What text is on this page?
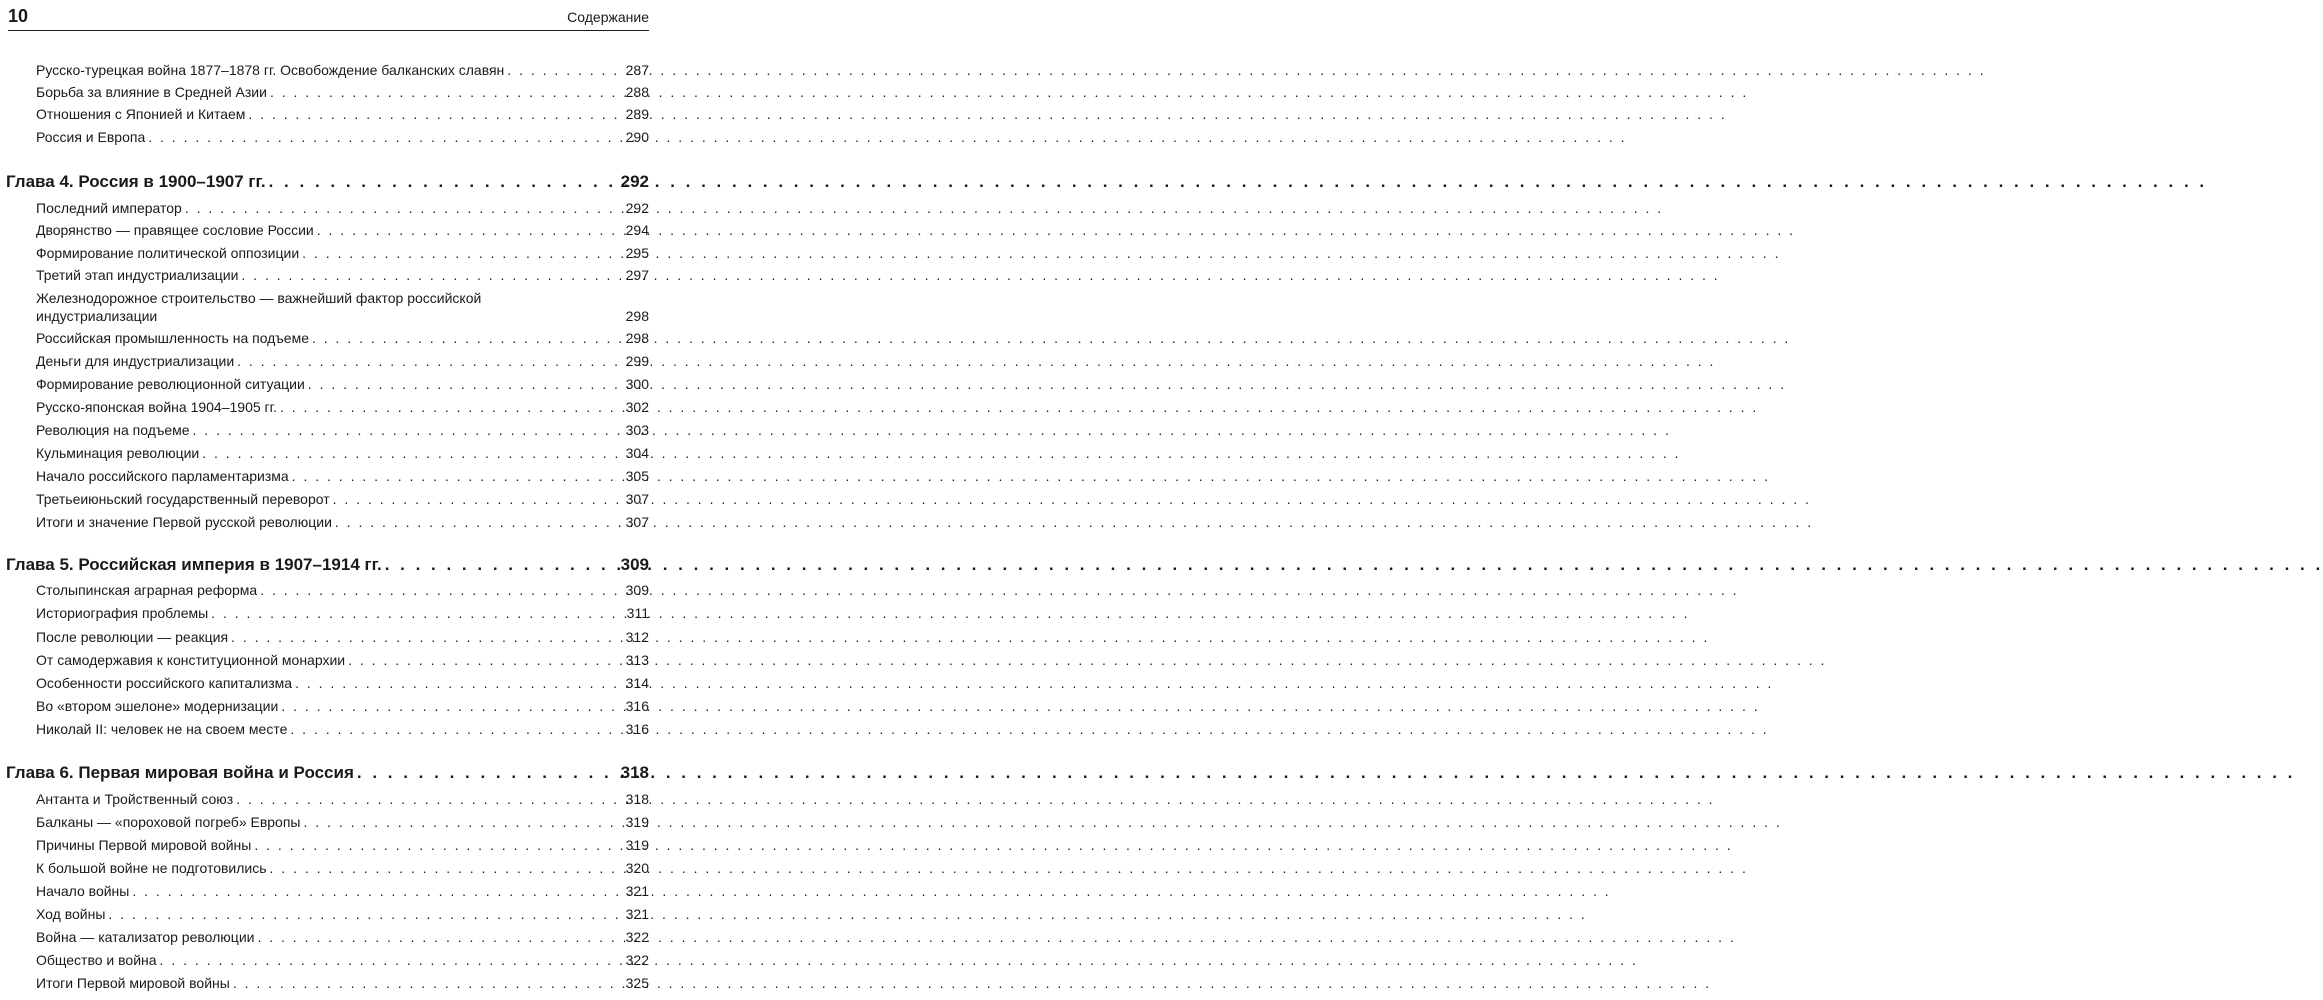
10	Содержание
Русско-турецкая война 1877–1878 гг. Освобождение балканских славян . . .	287
Борьба за влияние в Средней Азии . . .	288
Отношения с Японией и Китаем . . .	289
Россия и Европа . . .	290
Глава 4. Россия в 1900–1907 гг. . . .	292
Последний император . . .	292
Дворянство — правящее сословие России . . .	294
Формирование политической оппозиции . . .	295
Третий этап индустриализации . . .	297
Железнодорожное строительство — важнейший фактор российской
индустриализации	298
Российская промышленность на подъеме . . .	298
Деньги для индустриализации . . .	299
Формирование революционной ситуации . . .	300
Русско-японская война 1904–1905 гг. . . .	302
Революция на подъеме . . .	303
Кульминация революции . . .	304
Начало российского парламентаризма . . .	305
Третьеиюньский государственный переворот . . .	307
Итоги и значение Первой русской революции . . .	307
Глава 5. Российская империя в 1907–1914 гг. . . .	309
Столыпинская аграрная реформа . . .	309
Историография проблемы . . .	311
После революции — реакция . . .	312
От самодержавия к конституционной монархии . . .	313
Особенности российского капитализма . . .	314
Во «втором эшелоне» модернизации . . .	316
Николай II: человек не на своем месте . . .	316
Глава 6. Первая мировая война и Россия . . .	318
Антанта и Тройственный союз . . .	318
Балканы — «пороховой погреб» Европы . . .	319
Причины Первой мировой войны . . .	319
К большой войне не подготовились . . .	320
Начало войны . . .	321
Ход войны . . .	321
Война — катализатор революции . . .	322
Общество и война . . .	322
Итоги Первой мировой войны . . .	325
